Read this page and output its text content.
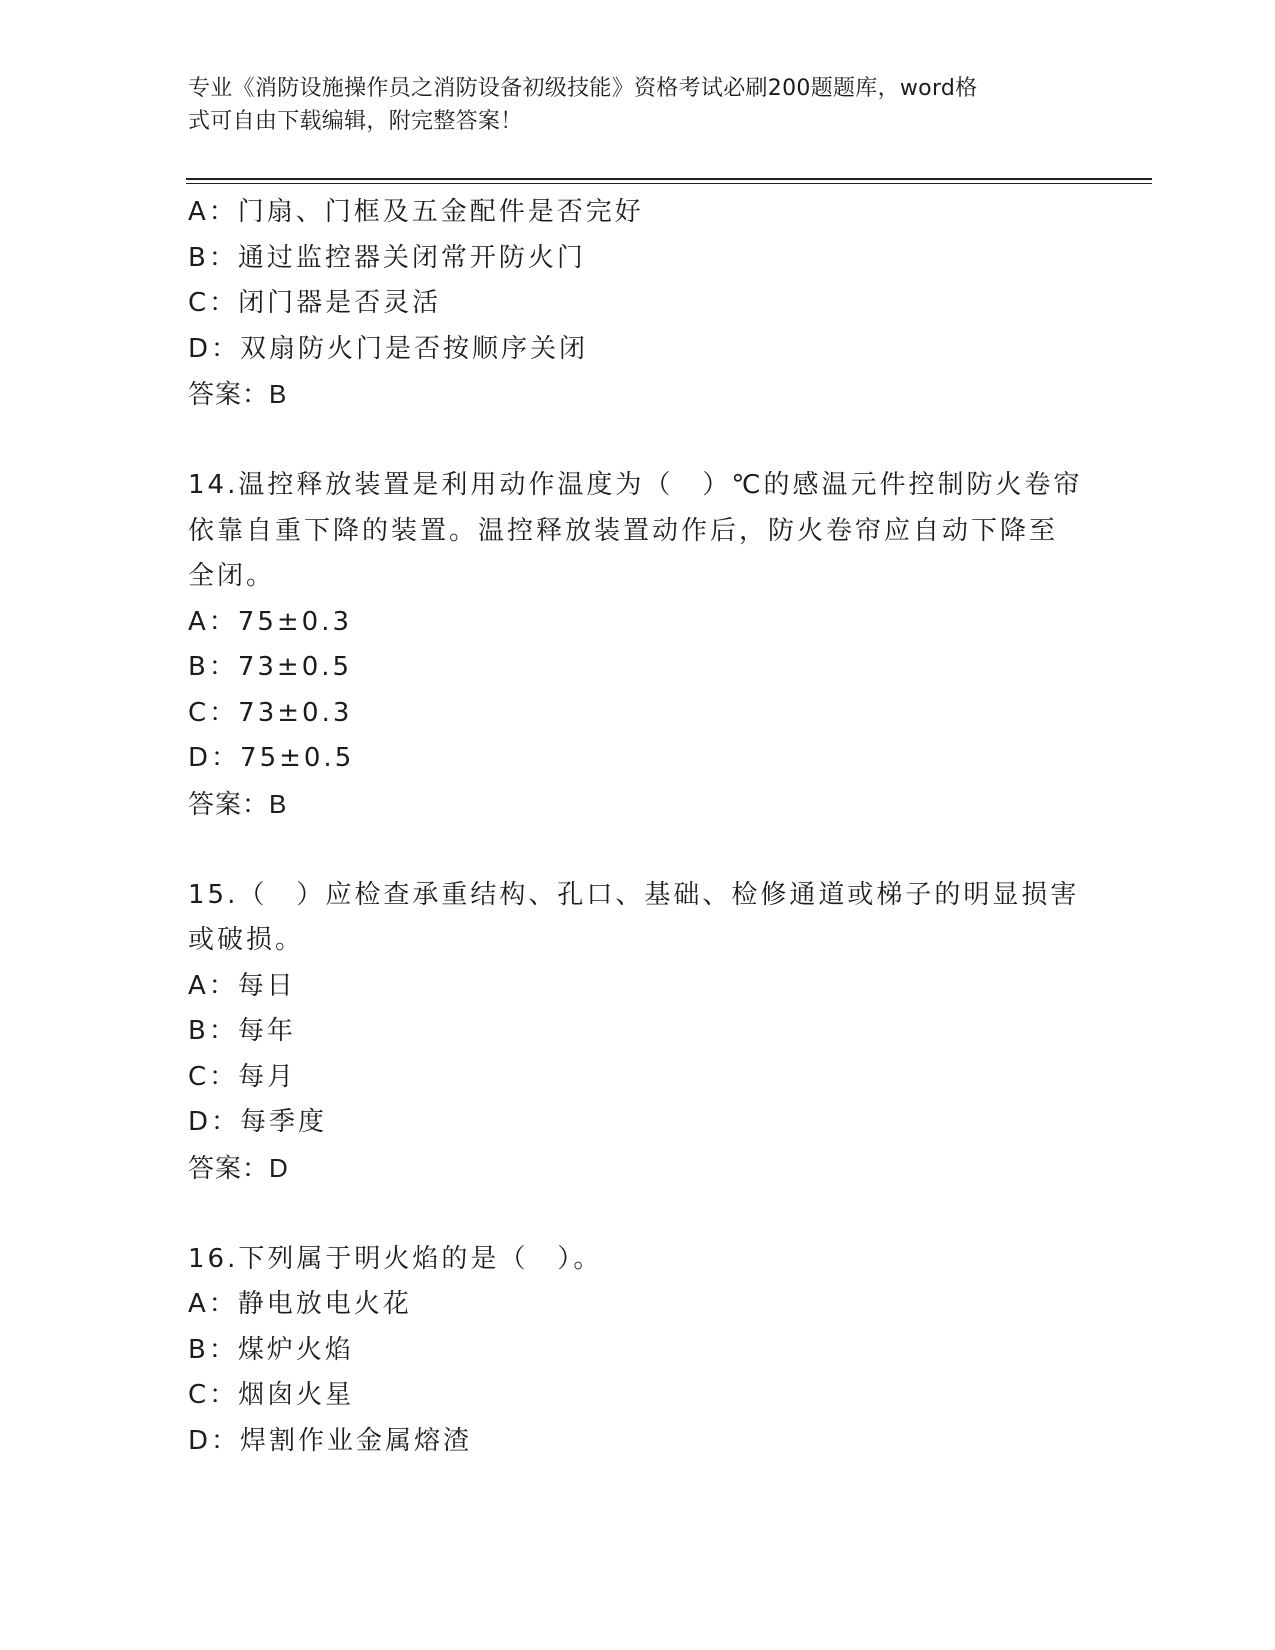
专业《消防设施操作员之消防设备初级技能》资格考试必刷200题题库，word格
式可自由下载编辑，附完整答案！
A：门扇、门框及五金配件是否完好
B：通过监控器关闭常开防火门
C：闭门器是否灵活
D：双扇防火门是否按顺序关闭
答案：B
14.温控释放装置是利用动作温度为（　）℃的感温元件控制防火卷帘
依靠自重下降的装置。温控释放装置动作后，防火卷帘应自动下降至
全闭。
A：75±0.3
B：73±0.5
C：73±0.3
D：75±0.5
答案：B
15.（　）应检查承重结构、孔口、基础、检修通道或梯子的明显损害
或破损。
A：每日
B：每年
C：每月
D：每季度
答案：D
16.下列属于明火焰的是（　）。
A：静电放电火花
B：煤炉火焰
C：烟囱火星
D：焊割作业金属熔渣
